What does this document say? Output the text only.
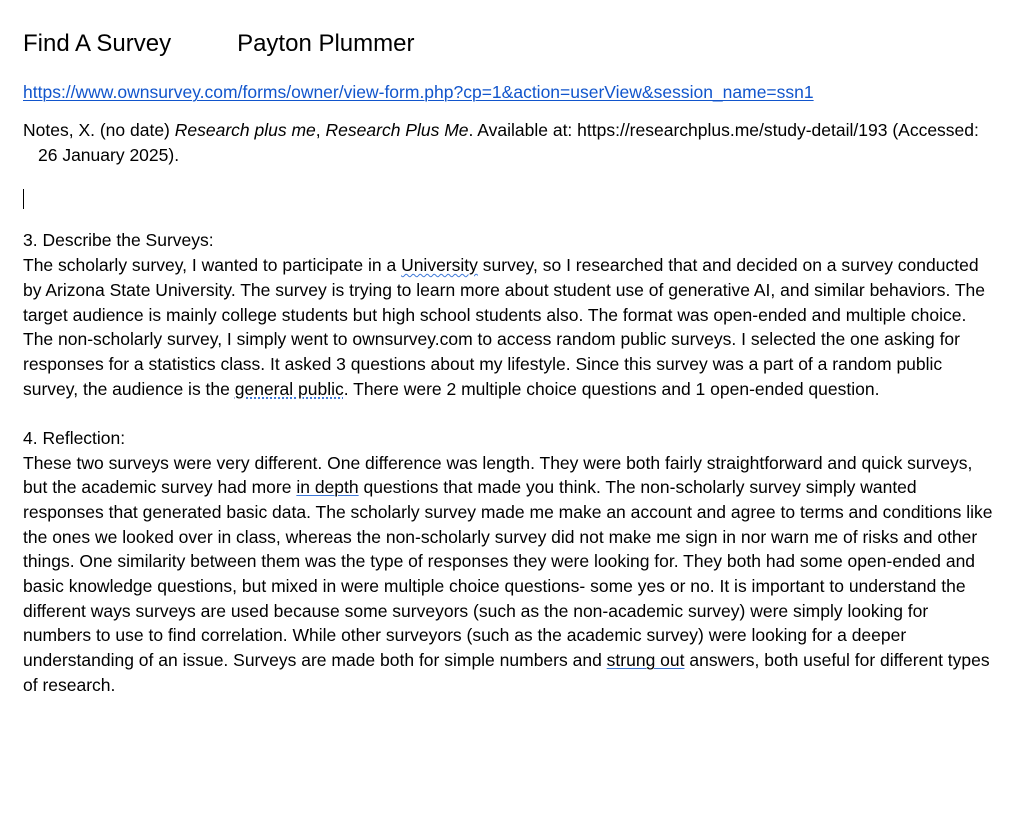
Find A Survey	Payton Plummer
https://www.ownsurvey.com/forms/owner/view-form.php?cp=1&action=userView&session_name=ssn1
Notes, X. (no date) Research plus me, Research Plus Me. Available at: https://researchplus.me/study-detail/193 (Accessed: 26 January 2025).
3. Describe the Surveys:
The scholarly survey, I wanted to participate in a University survey, so I researched that and decided on a survey conducted by Arizona State University. The survey is trying to learn more about student use of generative AI, and similar behaviors. The target audience is mainly college students but high school students also. The format was open-ended and multiple choice.
The non-scholarly survey, I simply went to ownsurvey.com to access random public surveys. I selected the one asking for responses for a statistics class. It asked 3 questions about my lifestyle. Since this survey was a part of a random public survey, the audience is the general public. There were 2 multiple choice questions and 1 open-ended question.
4. Reflection:
These two surveys were very different. One difference was length. They were both fairly straightforward and quick surveys, but the academic survey had more in depth questions that made you think. The non-scholarly survey simply wanted responses that generated basic data. The scholarly survey made me make an account and agree to terms and conditions like the ones we looked over in class, whereas the non-scholarly survey did not make me sign in nor warn me of risks and other things. One similarity between them was the type of responses they were looking for. They both had some open-ended and basic knowledge questions, but mixed in were multiple choice questions- some yes or no. It is important to understand the different ways surveys are used because some surveyors (such as the non-academic survey) were simply looking for numbers to use to find correlation. While other surveyors (such as the academic survey) were looking for a deeper understanding of an issue. Surveys are made both for simple numbers and strung out answers, both useful for different types of research.
